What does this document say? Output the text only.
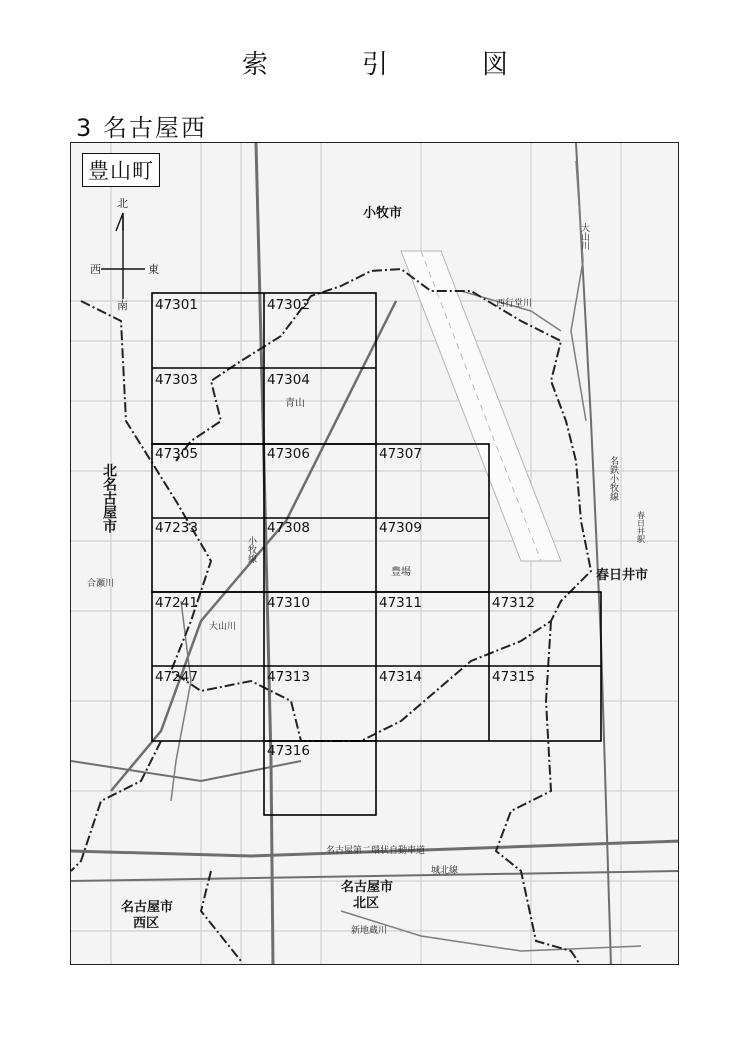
索　引　図
3 名古屋西
47301	47302
47303	47304
47305	47306	47307
47233	47308	47309
47241	47310	47311	47312
47247	47313	47314	47315
47316
北
南
東
西
小牧市
北名古屋市
春日井市
青山
豊場
名古屋市
北区
名古屋市
西区
大山川
合瀬川
小牧線
新地蔵川
名古屋第二環状自動車道
城北線
西行堂川
名鉄小牧線
春日井駅
大山川
豊山町
